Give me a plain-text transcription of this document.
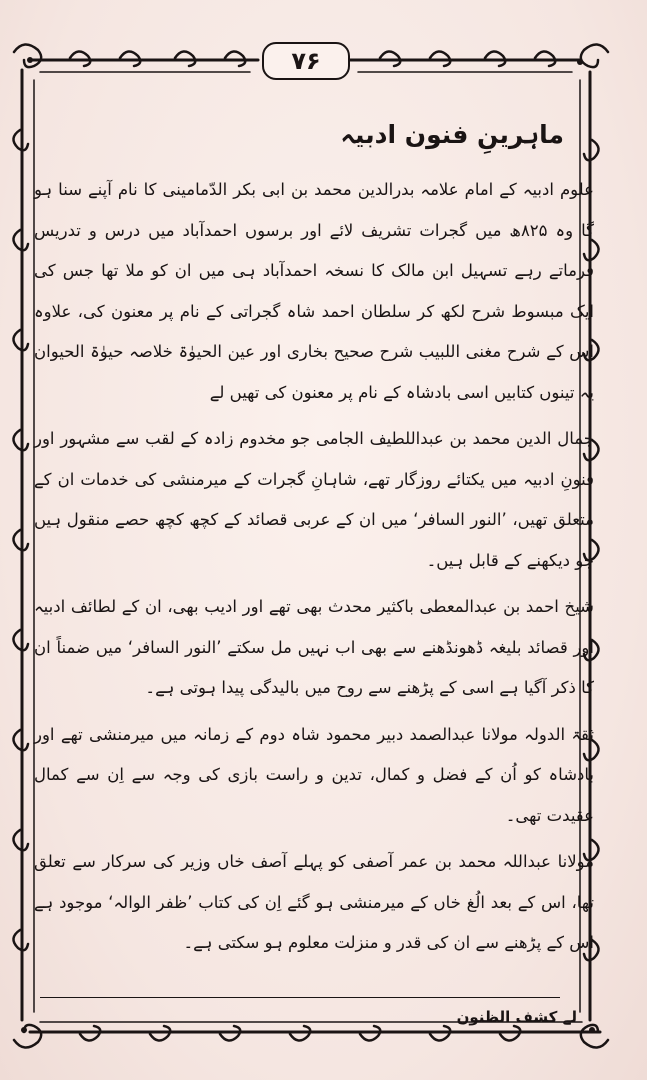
۷۶
ماہرینِ فنون ادبیہ

علوم ادبیہ کے امام علامہ بدرالدین محمد بن ابی بکر الدّمامینی کا نام آپنے سنا ہو گا وہ ۸۲۵ھ میں گجرات تشریف لائے اور برسوں احمدآباد میں درس و تدریس فرماتے رہے تسہیل ابن مالک کا نسخہ احمدآباد ہی میں ان کو ملا تھا جس کی ایک مبسوط شرح لکھ کر سلطان احمد شاہ گجراتی کے نام پر معنون کی، علاوہ اس کے شرح مغنی اللبیب شرح صحیح بخاری اور عین الحیوٰۃ خلاصہ حیوٰۃ الحیوان یہ تینوں کتابیں اسی بادشاہ کے نام پر معنون کی تھیں لے

جمال الدین محمد بن عبداللطیف الجامی جو مخدوم زادہ کے لقب سے مشہور اور فنونِ ادبیہ میں یکتائے روزگار تھے، شاہانِ گجرات کے میرمنشی کی خدمات ان کے متعلق تھیں، ’النور السافر‘ میں ان کے عربی قصائد کے کچھ کچھ حصے منقول ہیں جو دیکھنے کے قابل ہیں۔

شیخ احمد بن عبدالمعطی باکثیر محدث بھی تھے اور ادیب بھی، ان کے لطائف ادبیہ اور قصائد بلیغہ ڈھونڈھنے سے بھی اب نہیں مل سکتے ’النور السافر‘ میں ضمناً ان کا ذکر آگیا ہے اسی کے پڑھنے سے روح میں بالیدگی پیدا ہوتی ہے۔

ثقۃ الدولہ مولانا عبدالصمد دبیر محمود شاہ دوم کے زمانہ میں میرمنشی تھے اور بادشاہ کو اُن کے فضل و کمال، تدین و راست بازی کی وجہ سے اِن سے کمال عقیدت تھی۔

مولانا عبداللہ محمد بن عمر آصفی کو پہلے آصف خاں وزیر کی سرکار سے تعلق تھا، اس کے بعد الُغ خاں کے میرمنشی ہو گئے اِن کی کتاب ’ظفر الوالہ‘ موجود ہے اس کے پڑھنے سے ان کی قدر و منزلت معلوم ہو سکتی ہے۔

لے کشف الظنون
